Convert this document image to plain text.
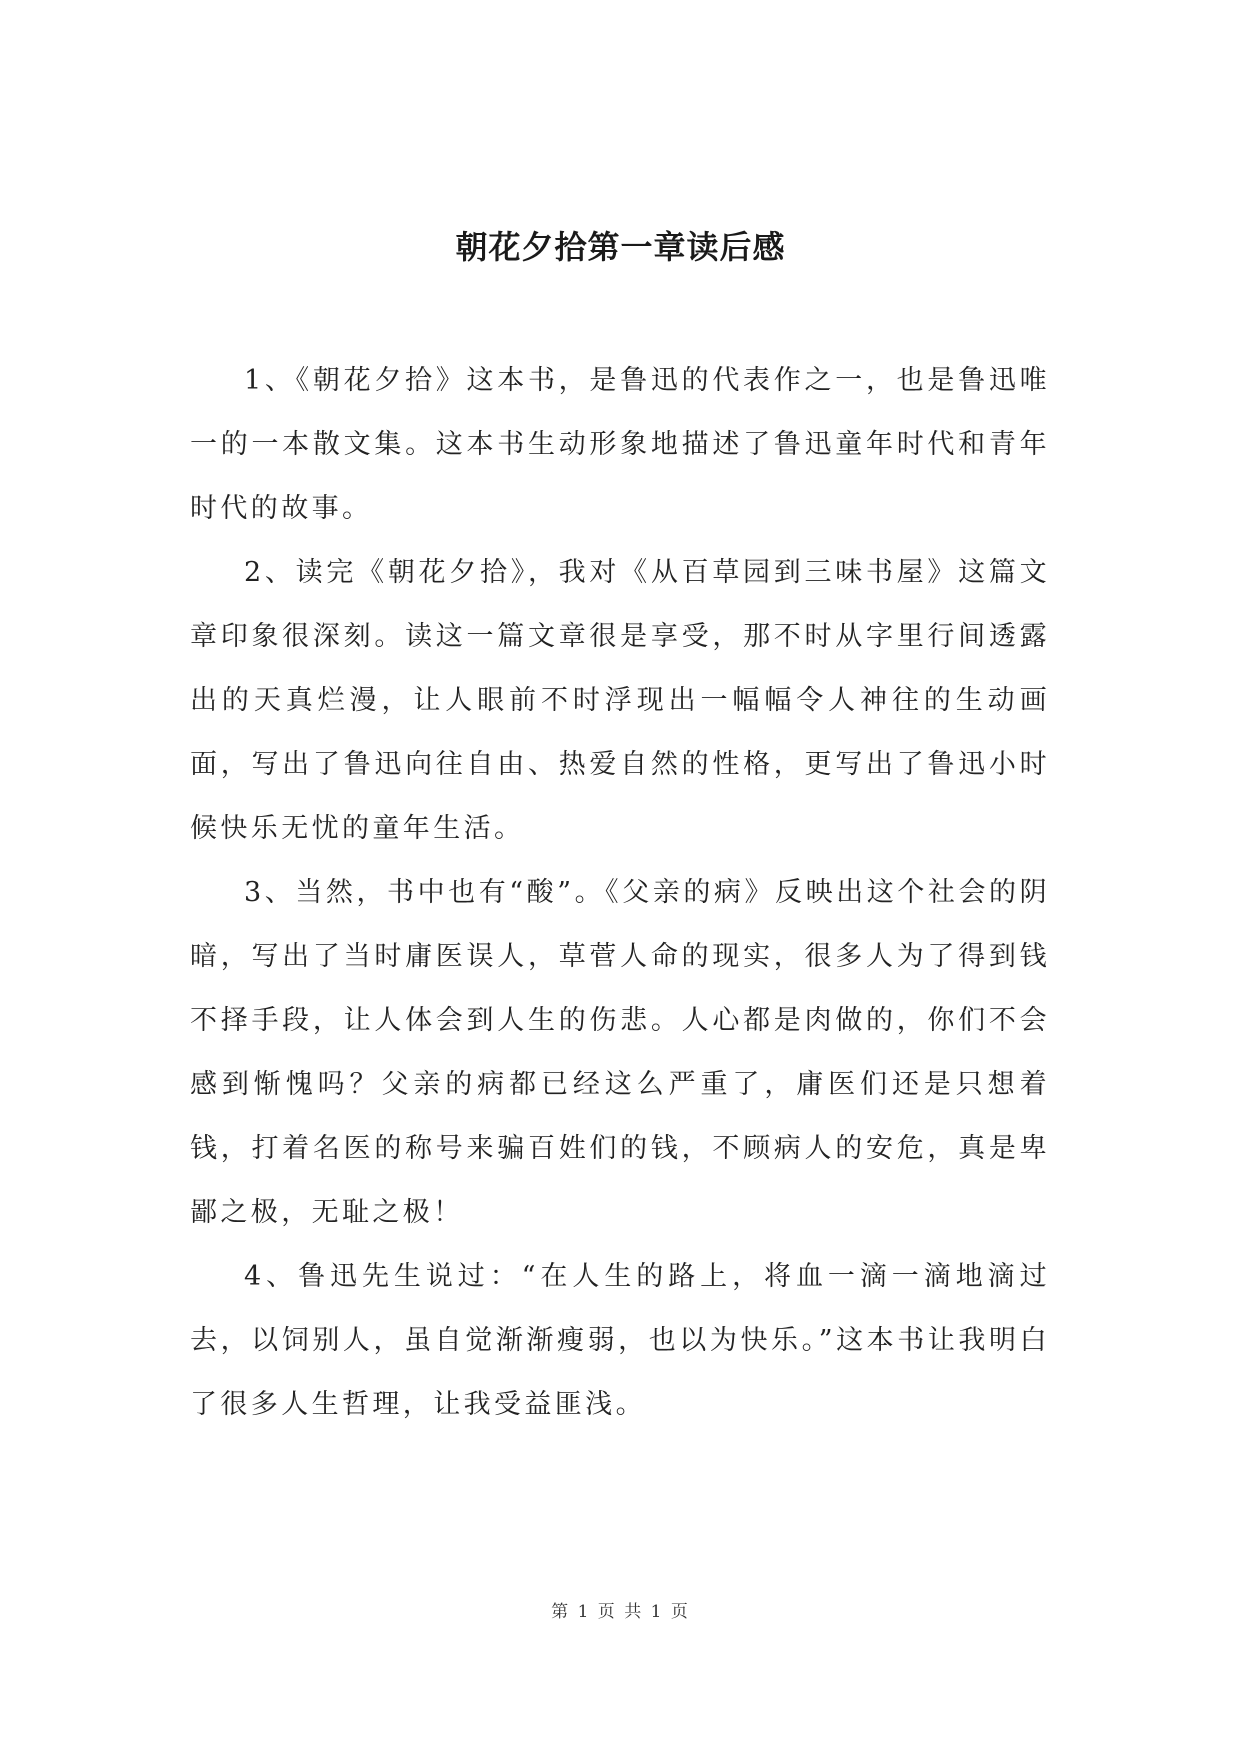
朝花夕拾第一章读后感

1、《朝花夕拾》这本书，是鲁迅的代表作之一，也是鲁迅唯一的一本散文集。这本书生动形象地描述了鲁迅童年时代和青年时代的故事。

2、读完《朝花夕拾》，我对《从百草园到三味书屋》这篇文章印象很深刻。读这一篇文章很是享受，那不时从字里行间透露出的天真烂漫，让人眼前不时浮现出一幅幅令人神往的生动画面，写出了鲁迅向往自由、热爱自然的性格，更写出了鲁迅小时候快乐无忧的童年生活。

3、当然，书中也有“酸”。《父亲的病》反映出这个社会的阴暗，写出了当时庸医误人，草菅人命的现实，很多人为了得到钱不择手段，让人体会到人生的伤悲。人心都是肉做的，你们不会感到惭愧吗？父亲的病都已经这么严重了，庸医们还是只想着钱，打着名医的称号来骗百姓们的钱，不顾病人的安危，真是卑鄙之极，无耻之极！

4、鲁迅先生说过：“在人生的路上，将血一滴一滴地滴过去，以饲别人，虽自觉渐渐瘦弱，也以为快乐。”这本书让我明白了很多人生哲理，让我受益匪浅。

第 1 页 共 1 页
